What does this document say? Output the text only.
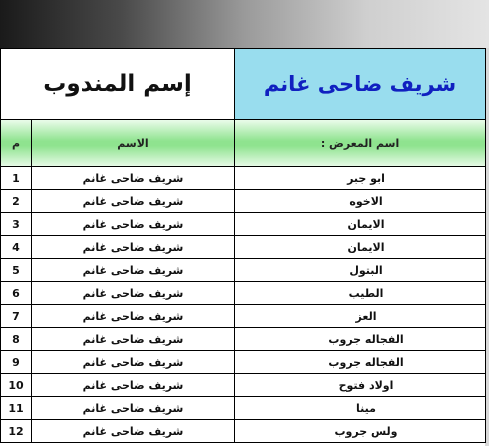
إسم المندوب		شريف ضاحى غانم
م	الاسم	اسم المعرض :
1	شريف ضاحى غانم	ابو جبر
2	شريف ضاحى غانم	الاخوه
3	شريف ضاحى غانم	الايمان
4	شريف ضاحى غانم	الايمان
5	شريف ضاحى غانم	البتول
6	شريف ضاحى غانم	الطيب
7	شريف ضاحى غانم	العز
8	شريف ضاحى غانم	الفجاله جروب
9	شريف ضاحى غانم	الفجاله جروب
10	شريف ضاحى غانم	اولاد فتوح
11	شريف ضاحى غانم	مينا
12	شريف ضاحى غانم	ولس جروب
